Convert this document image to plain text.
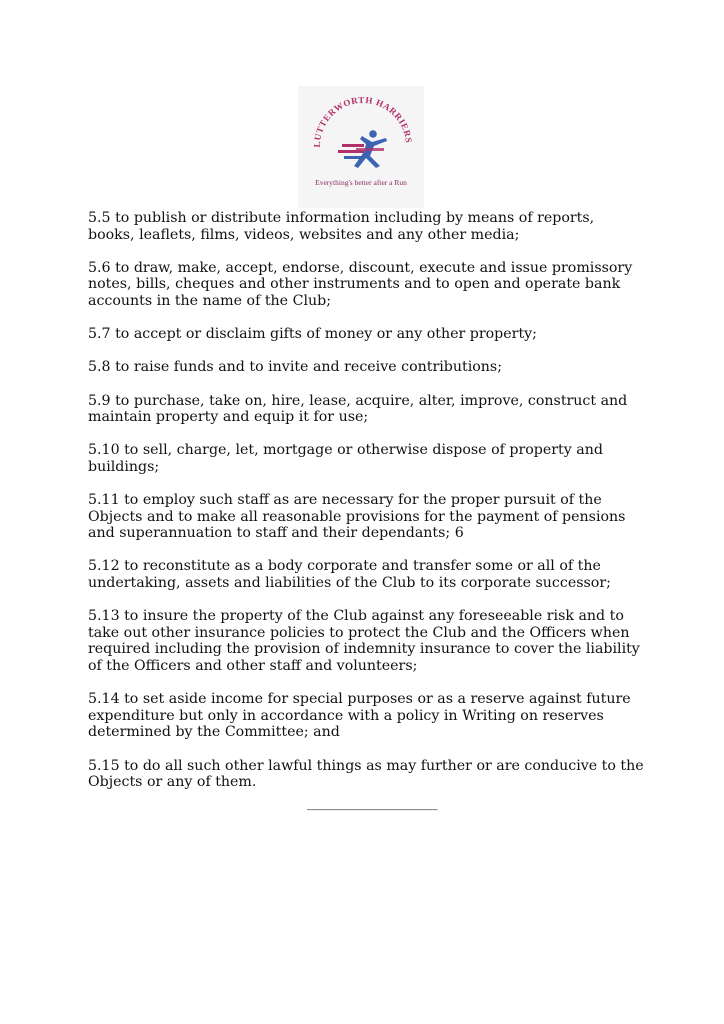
LUTTERWORTH HARRIERS
Everything's better after a Run

5.5 to publish or distribute information including by means of reports,
books, leaflets, films, videos, websites and any other media;

5.6 to draw, make, accept, endorse, discount, execute and issue promissory
notes, bills, cheques and other instruments and to open and operate bank
accounts in the name of the Club;

5.7 to accept or disclaim gifts of money or any other property;

5.8 to raise funds and to invite and receive contributions;

5.9 to purchase, take on, hire, lease, acquire, alter, improve, construct and
maintain property and equip it for use;

5.10 to sell, charge, let, mortgage or otherwise dispose of property and
buildings;

5.11 to employ such staff as are necessary for the proper pursuit of the
Objects and to make all reasonable provisions for the payment of pensions
and superannuation to staff and their dependants; 6

5.12 to reconstitute as a body corporate and transfer some or all of the
undertaking, assets and liabilities of the Club to its corporate successor;

5.13 to insure the property of the Club against any foreseeable risk and to
take out other insurance policies to protect the Club and the Officers when
required including the provision of indemnity insurance to cover the liability
of the Officers and other staff and volunteers;

5.14 to set aside income for special purposes or as a reserve against future
expenditure but only in accordance with a policy in Writing on reserves
determined by the Committee; and

5.15 to do all such other lawful things as may further or are conducive to the
Objects or any of them.

____________________
